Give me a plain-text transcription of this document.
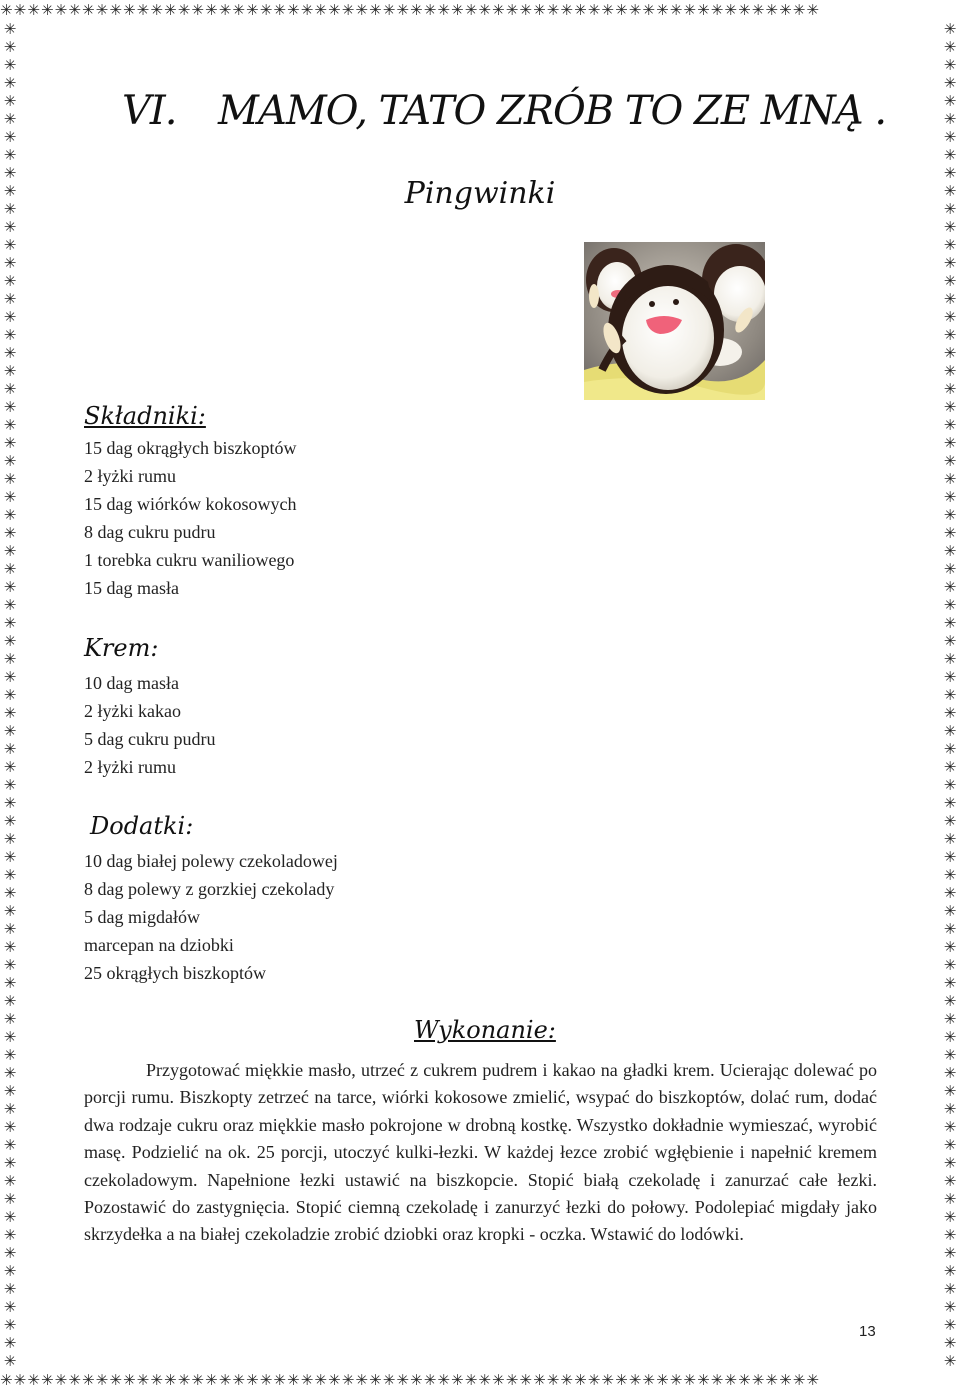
✳✳✳✳✳✳✳✳✳✳✳✳✳✳✳✳✳✳✳✳✳✳✳✳✳✳✳✳✳✳✳✳✳✳✳✳✳✳✳✳✳✳✳✳✳✳✳✳✳✳✳✳✳✳✳✳✳✳✳✳
✳✳✳✳✳✳✳✳✳✳✳✳✳✳✳✳✳✳✳✳✳✳✳✳✳✳✳✳✳✳✳✳✳✳✳✳✳✳✳✳✳✳✳✳✳✳✳✳✳✳✳✳✳✳✳✳✳✳✳✳✳✳✳✳✳✳✳✳✳✳✳✳✳✳✳
✳✳✳✳✳✳✳✳✳✳✳✳✳✳✳✳✳✳✳✳✳✳✳✳✳✳✳✳✳✳✳✳✳✳✳✳✳✳✳✳✳✳✳✳✳✳✳✳✳✳✳✳✳✳✳✳✳✳✳✳✳✳✳✳✳✳✳✳✳✳✳✳✳✳✳
✳✳✳✳✳✳✳✳✳✳✳✳✳✳✳✳✳✳✳✳✳✳✳✳✳✳✳✳✳✳✳✳✳✳✳✳✳✳✳✳✳✳✳✳✳✳✳✳✳✳✳✳✳✳✳✳✳✳✳✳
VI. MAMO, TATO ZRÓB TO ZE MNĄ .
Pingwinki
Składniki:
15 dag okrągłych biszkoptów
2 łyżki rumu
15 dag wiórków kokosowych
8 dag cukru pudru
1 torebka cukru waniliowego
15 dag masła
Krem:
10 dag masła
2 łyżki kakao
5 dag cukru pudru
2 łyżki rumu
Dodatki:
10 dag białej polewy czekoladowej
8 dag polewy z gorzkiej czekolady
5 dag migdałów
marcepan na dziobki
25 okrągłych biszkoptów
Wykonanie:

Przygotować miękkie masło, utrzeć z cukrem pudrem i kakao na gładki krem. Ucierając dolewać po porcji rumu. Biszkopty zetrzeć na tarce, wiórki kokosowe zmielić, wsypać do biszkoptów, dolać rum, dodać dwa rodzaje cukru oraz miękkie masło pokrojone w drobną kostkę. Wszystko dokładnie wymieszać, wyrobić masę. Podzielić na ok. 25 porcji, utoczyć kulki-łezki. W każdej łezce zrobić wgłębienie i napełnić kremem czekoladowym. Napełnione łezki ustawić na biszkopcie. Stopić białą czekoladę i zanurzać całe łezki. Pozostawić do zastygnięcia. Stopić ciemną czekoladę i zanurzyć łezki do połowy. Podolepiać migdały jako skrzydełka a na białej czekoladzie zrobić dziobki oraz kropki - oczka. Wstawić do lodówki.

13
